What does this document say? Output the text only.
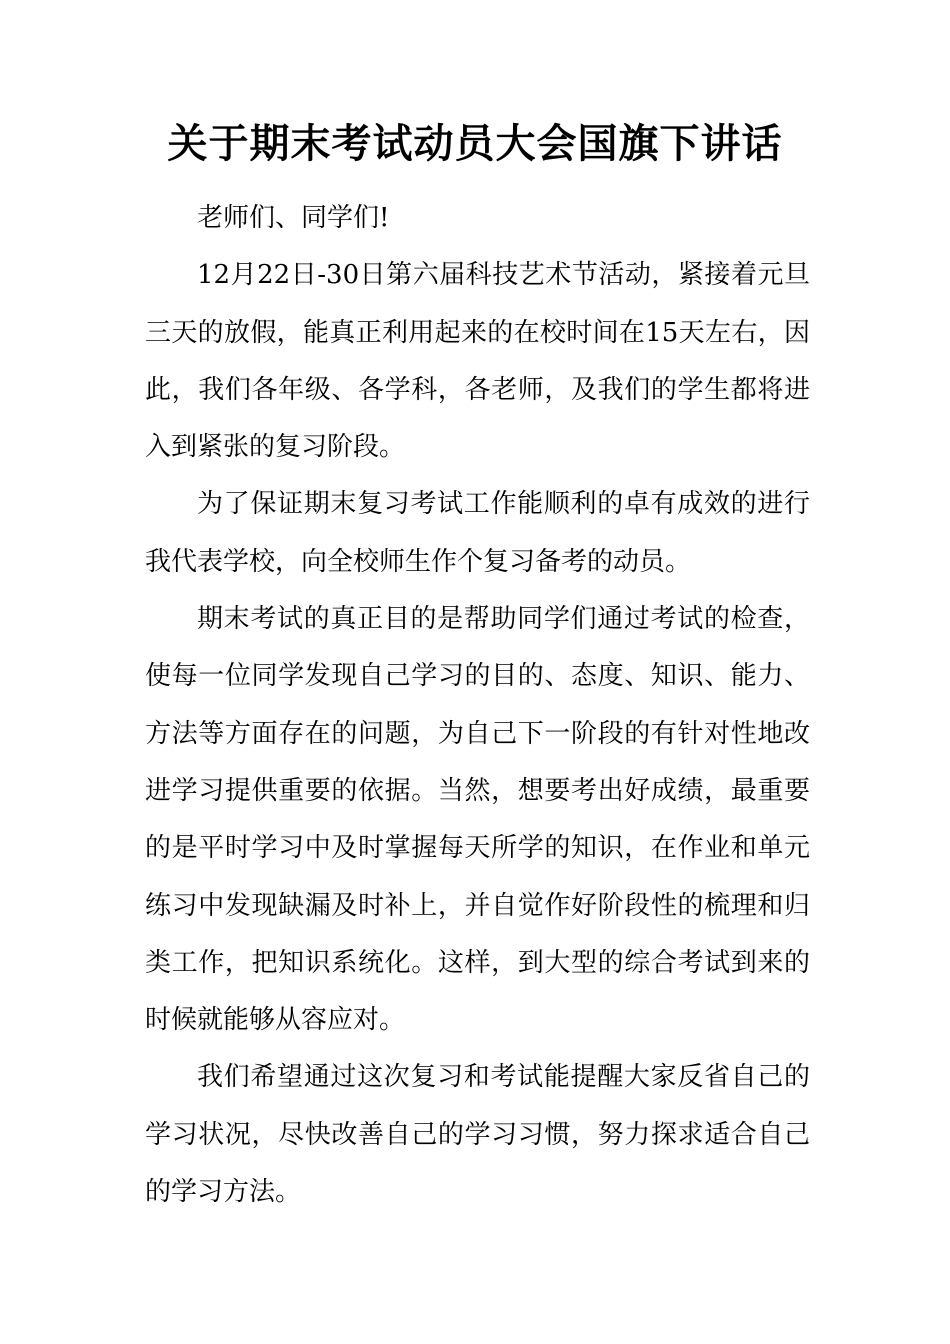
关于期末考试动员大会国旗下讲话

老师们、同学们!

12月22日-30日第六届科技艺术节活动，紧接着元旦三天的放假，能真正利用起来的在校时间在15天左右，因此，我们各年级、各学科，各老师，及我们的学生都将进入到紧张的复习阶段。

为了保证期末复习考试工作能顺利的卓有成效的进行我代表学校，向全校师生作个复习备考的动员。

期末考试的真正目的是帮助同学们通过考试的检查，使每一位同学发现自己学习的目的、态度、知识、能力、方法等方面存在的问题，为自己下一阶段的有针对性地改进学习提供重要的依据。当然，想要考出好成绩，最重要的是平时学习中及时掌握每天所学的知识，在作业和单元练习中发现缺漏及时补上，并自觉作好阶段性的梳理和归类工作，把知识系统化。这样，到大型的综合考试到来的时候就能够从容应对。

我们希望通过这次复习和考试能提醒大家反省自己的学习状况，尽快改善自己的学习习惯，努力探求适合自己的学习方法。
